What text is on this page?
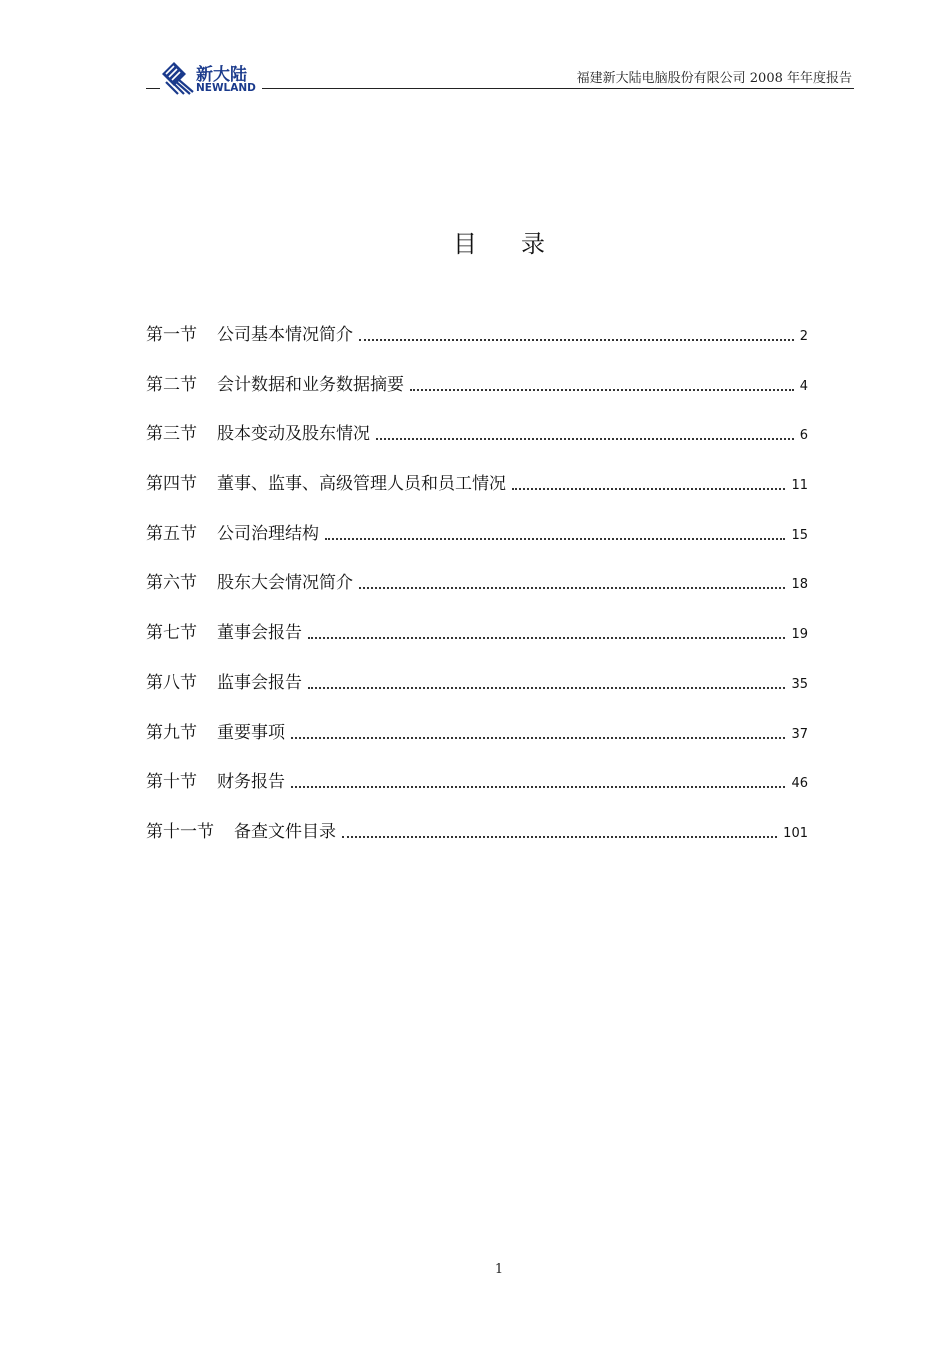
新大陆
NEWLAND
福建新大陆电脑股份有限公司 2008 年年度报告
目 录
第一节 公司基本情况简介	2
第二节 会计数据和业务数据摘要	4
第三节 股本变动及股东情况	6
第四节 董事、监事、高级管理人员和员工情况	11
第五节 公司治理结构	15
第六节 股东大会情况简介	18
第七节 董事会报告	19
第八节 监事会报告	35
第九节 重要事项	37
第十节 财务报告	46
第十一节 备查文件目录	101
1
